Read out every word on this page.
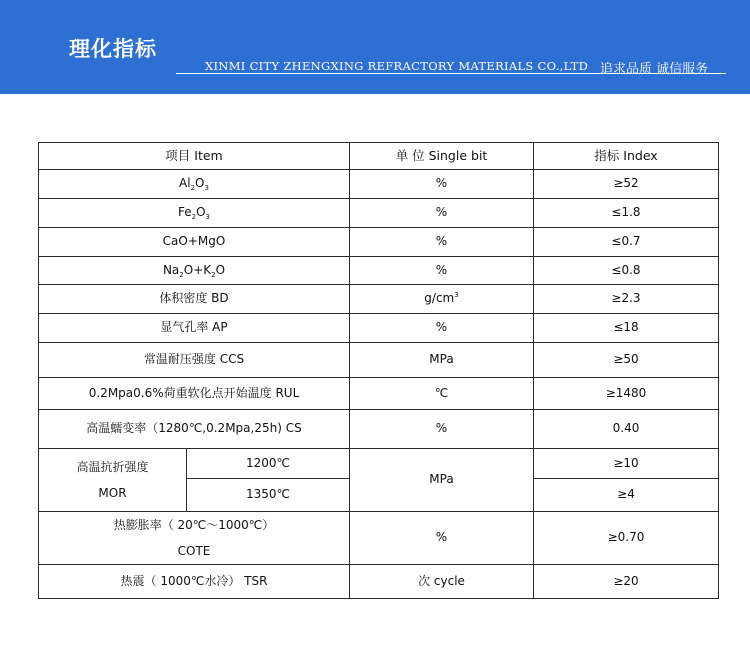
理化指标
XINMI CITY ZHENGXING REFRACTORY MATERIALS CO.,LTD 追求品质 诚信服务
项目 Item		单 位 Single bit	指标 Index
$Al_2O_3$		%	≥52
$Fe_2O_3$		%	≤1.8
CaO+MgO		%	≤0.7
$Na_2O+K_2O$		%	≤0.8
体积密度 BD		$g/cm^3$	≥2.3
显气孔率 AP		%	≤18
常温耐压强度 CCS		MPa	≥50
0.2Mpa0.6%荷重软化点开始温度 RUL		℃	≥1480
高温蠕变率（1280℃,0.2Mpa,25h) CS		%	0.40

高温抗折强度
MOR	1200℃	MPa	≥10
	1350℃		≥4

热膨胀率（ 20℃～1000℃）
COTE		%	≥0.70
热震（ 1000℃水冷） TSR		次 cycle	≥20
